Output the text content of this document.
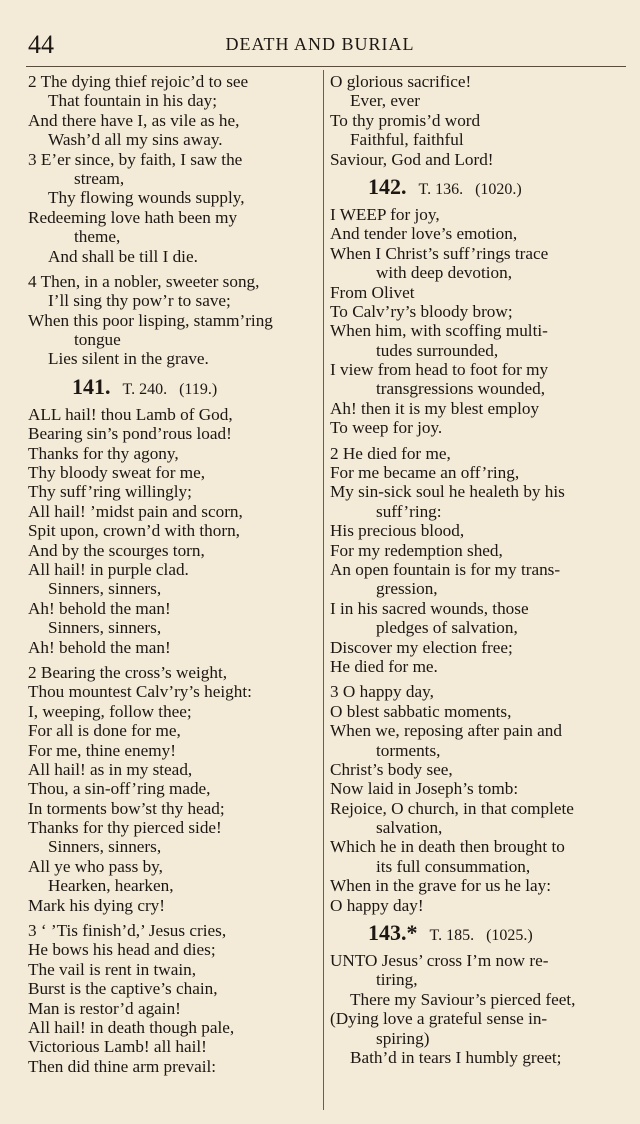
44	DEATH AND BURIAL
2 The dying thief rejoic’d to see
That fountain in his day;
And there have I, as vile as he,
Wash’d all my sins away.
3 E’er since, by faith, I saw the
stream,
Thy flowing wounds supply,
Redeeming love hath been my
theme,
And shall be till I die.
4 Then, in a nobler, sweeter song,
I’ll sing thy pow’r to save;
When this poor lisping, stamm’ring
tongue
Lies silent in the grave.
141. T. 240. (119.)
ALL hail! thou Lamb of God,
Bearing sin’s pond’rous load!
Thanks for thy agony,
Thy bloody sweat for me,
Thy suff’ring willingly;
All hail! ’midst pain and scorn,
Spit upon, crown’d with thorn,
And by the scourges torn,
All hail! in purple clad.
Sinners, sinners,
Ah! behold the man!
Sinners, sinners,
Ah! behold the man!
2 Bearing the cross’s weight,
Thou mountest Calv’ry’s height:
I, weeping, follow thee;
For all is done for me,
For me, thine enemy!
All hail! as in my stead,
Thou, a sin-off’ring made,
In torments bow’st thy head;
Thanks for thy pierced side!
Sinners, sinners,
All ye who pass by,
Hearken, hearken,
Mark his dying cry!
3 ‘ ’Tis finish’d,’ Jesus cries,
He bows his head and dies;
The vail is rent in twain,
Burst is the captive’s chain,
Man is restor’d again!
All hail! in death though pale,
Victorious Lamb! all hail!
Then did thine arm prevail:
O glorious sacrifice!
Ever, ever
To thy promis’d word
Faithful, faithful
Saviour, God and Lord!
142. T. 136. (1020.)
I WEEP for joy,
And tender love’s emotion,
When I Christ’s suff’rings trace
with deep devotion,
From Olivet
To Calv’ry’s bloody brow;
When him, with scoffing multi-
tudes surrounded,
I view from head to foot for my
transgressions wounded,
Ah! then it is my blest employ
To weep for joy.
2 He died for me,
For me became an off’ring,
My sin-sick soul he healeth by his
suff’ring:
His precious blood,
For my redemption shed,
An open fountain is for my trans-
gression,
I in his sacred wounds, those
pledges of salvation,
Discover my election free;
He died for me.
3 O happy day,
O blest sabbatic moments,
When we, reposing after pain and
torments,
Christ’s body see,
Now laid in Joseph’s tomb:
Rejoice, O church, in that complete
salvation,
Which he in death then brought to
its full consummation,
When in the grave for us he lay:
O happy day!
143.* T. 185. (1025.)
UNTO Jesus’ cross I’m now re-
tiring,
There my Saviour’s pierced feet,
(Dying love a grateful sense in-
spiring)
Bath’d in tears I humbly greet;
